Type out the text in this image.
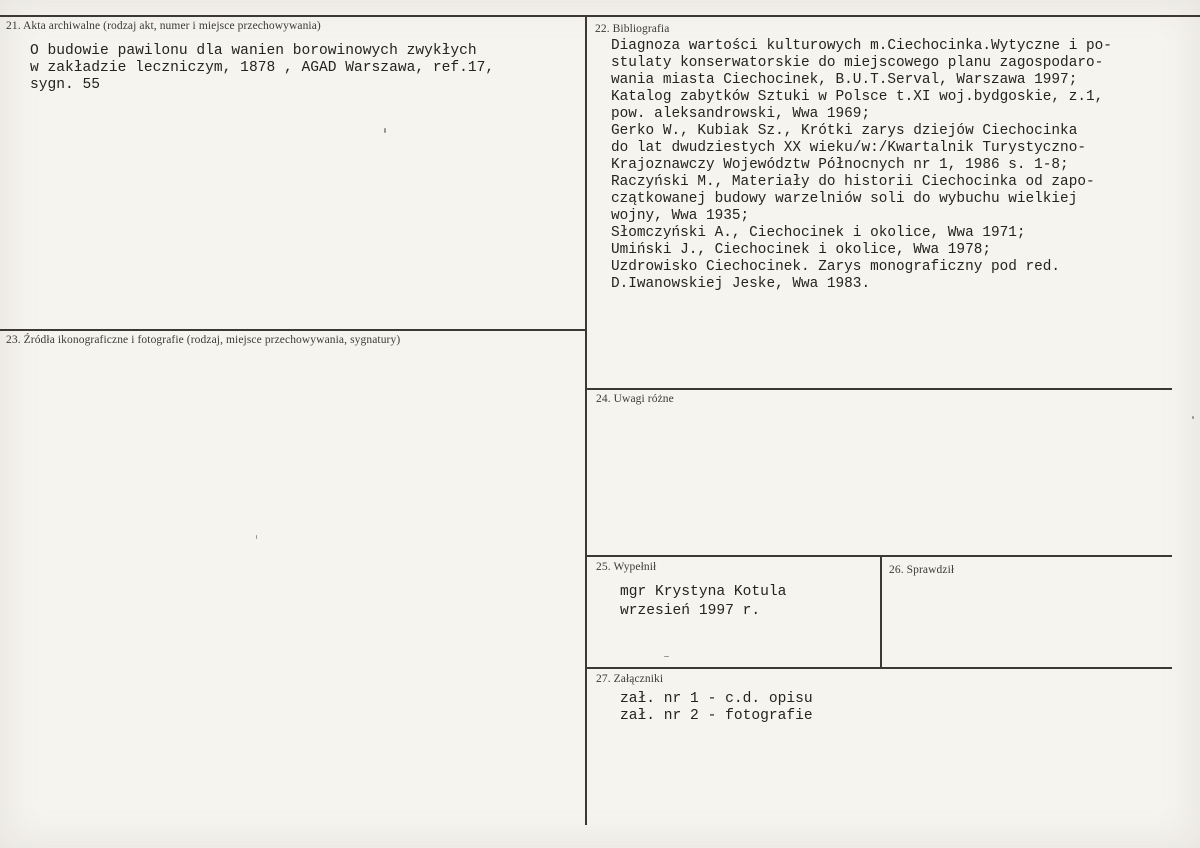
21. Akta archiwalne (rodzaj akt, numer i miejsce przechowywania)
O budowie pawilonu dla wanien borowinowych zwykłych
w zakładzie leczniczym, 1878 , AGAD Warszawa, ref.17,
sygn. 55
22. Bibliografia
Diagnoza wartości kulturowych m.Ciechocinka.Wytyczne i po-
stulaty konserwatorskie do miejscowego planu zagospodaro-
wania miasta Ciechocinek, B.U.T.Serval, Warszawa 1997;
Katalog zabytków Sztuki w Polsce t.XI woj.bydgoskie, z.1,
pow. aleksandrowski, Wwa 1969;
Gerko W., Kubiak Sz., Krótki zarys dziejów Ciechocinka
do lat dwudziestych XX wieku/w:/Kwartalnik Turystyczno-
Krajoznawczy Województw Północnych nr 1, 1986 s. 1-8;
Raczyński M., Materiały do historii Ciechocinka od zapo-
czątkowanej budowy warzelniów soli do wybuchu wielkiej
wojny, Wwa 1935;
Słomczyński A., Ciechocinek i okolice, Wwa 1971;
Umiński J., Ciechocinek i okolice, Wwa 1978;
Uzdrowisko Ciechocinek. Zarys monograficzny pod red.
D.Iwanowskiej Jeske, Wwa 1983.
23. Źródła ikonograficzne i fotografie (rodzaj, miejsce przechowywania, sygnatury)
24. Uwagi różne
25. Wypełnił
mgr Krystyna Kotula
wrzesień 1997 r.
26. Sprawdził
27. Załączniki
zał. nr 1 - c.d. opisu
zał. nr 2 - fotografie
